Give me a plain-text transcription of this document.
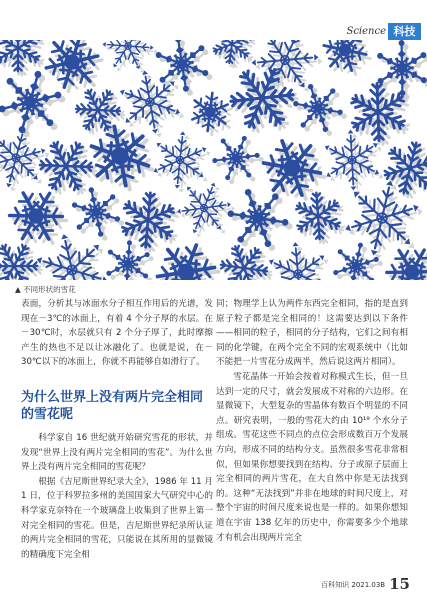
Science 科技
▲ 不同形状的雪花

表面，分析其与冰面水分子相互作用后的光谱，发现在－3℃的冰面上，有着 4 个分子厚的水层。在－30℃时，水层就只有 2 个分子厚了，此时摩擦产生的热也不足以让冰融化了。也就是说，在－30℃以下的冰面上，你就不再能够自如滑行了。

为什么世界上没有两片完全相同的雪花呢

科学家自 16 世纪就开始研究雪花的形状，并发现“世界上没有两片完全相同的雪花”。为什么世界上没有两片完全相同的雪花呢？

根据《吉尼斯世界纪录大全》，1986 年 11 月 1 日，位于科罗拉多州的美国国家大气研究中心的科学家克奈特在一个玻璃盘上收集到了世界上第一对完全相同的雪花。但是，吉尼斯世界纪录所认证的两片完全相同的雪花，只能说在其所用的显微镜的精确度下完全相

同；物理学上认为两件东西完全相同，指的是直到原子粒子都是完全相同的！这需要达到以下条件——相同的粒子，相同的分子结构，它们之间有相同的化学键，在两个完全不同的宏观系统中（比如不能把一片雪花分成两半，然后说这两片相同）。

雪花晶体一开始会按着对称模式生长，但一旦达到一定的尺寸，就会发展成不对称的六边形。在显微镜下，大型复杂的雪晶体有数百个明显的不同点。研究表明，一般的雪花大约由 10¹⁹ 个水分子组成。雪花这些不同点的点位会形成数百万个发展方向，形成不同的结构分支。虽然很多雪花非常相似，但如果你想要找到在结构、分子或原子层面上完全相同的两片雪花，在大自然中你是无法找到的。这种“无法找到”并非在地球的时间尺度上，对整个宇宙的时间尺度来说也是一样的。如果你想知道在宇宙 138 亿年的历史中，你需要多少个地球才有机会出现两片完全

百科知识 2021.03B 15
